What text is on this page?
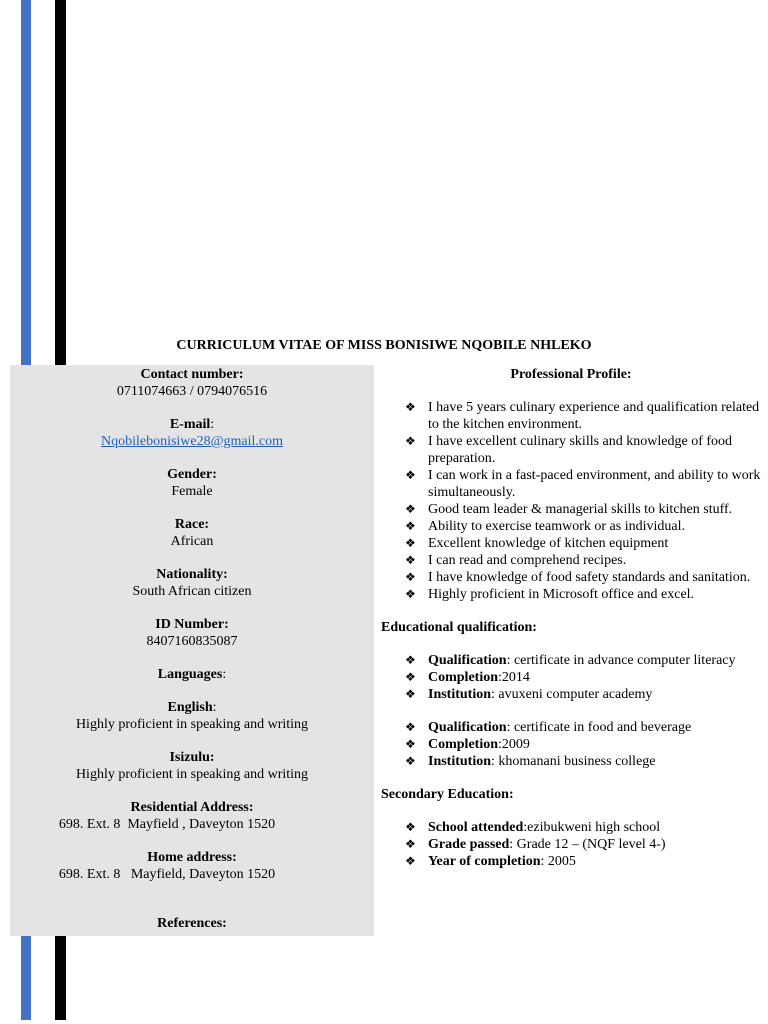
CURRICULUM VITAE OF MISS BONISIWE NQOBILE NHLEKO
Contact number:
0711074663 / 0794076516
E-mail:
Nqobilebonisiwe28@gmail.com
Gender:
Female
Race:
African
Nationality:
South African citizen
ID Number:
8407160835087
Languages:
English:
Highly proficient in speaking and writing
Isizulu:
Highly proficient in speaking and writing
Residential Address:
698. Ext. 8  Mayfield , Daveyton 1520
Home address:
698. Ext. 8   Mayfield, Daveyton 1520
References:
Professional Profile:
❖ I have 5 years culinary experience and qualification related to the kitchen environment.
❖ I have excellent culinary skills and knowledge of food preparation.
❖ I can work in a fast-paced environment, and ability to work simultaneously.
❖ Good team leader & managerial skills to kitchen stuff.
❖ Ability to exercise teamwork or as individual.
❖ Excellent knowledge of kitchen equipment
❖ I can read and comprehend recipes.
❖ I have knowledge of food safety standards and sanitation.
❖ Highly proficient in Microsoft office and excel.
Educational qualification:
❖ Qualification: certificate in advance computer literacy
❖ Completion:2014
❖ Institution: avuxeni computer academy
❖ Qualification: certificate in food and beverage
❖ Completion:2009
❖ Institution: khomanani business college
Secondary Education:
❖ School attended:ezibukweni high school
❖ Grade passed: Grade 12 – (NQF level 4-)
❖ Year of completion: 2005
